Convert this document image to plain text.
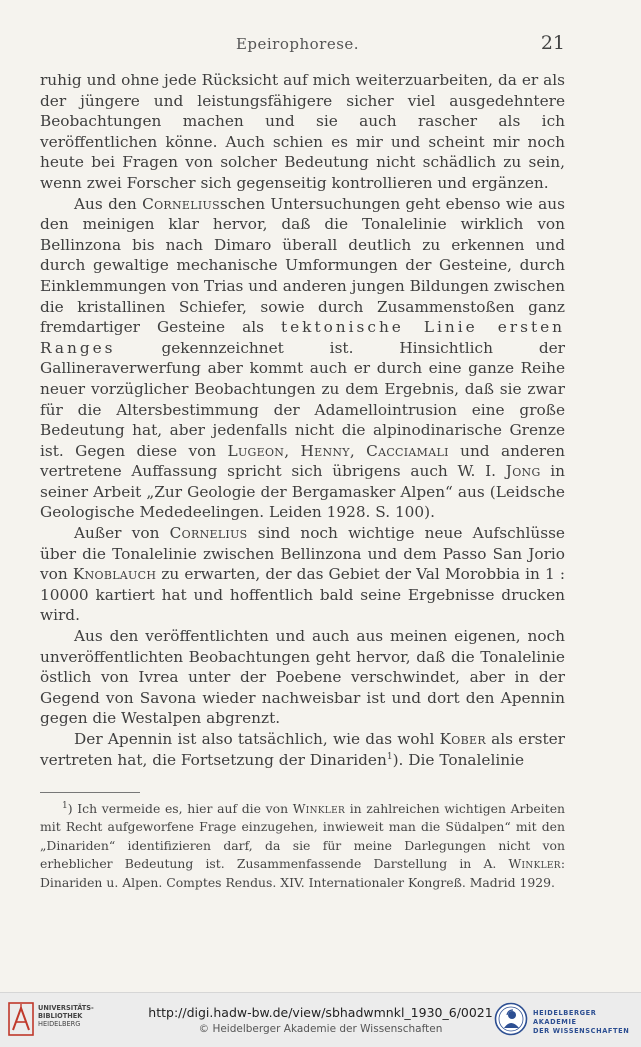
Epeirophorese.	21

ruhig und ohne jede Rücksicht auf mich weiterzuarbeiten, da er als der jüngere und leistungsfähigere sicher viel ausgedehntere Beobachtungen machen und sie auch rascher als ich veröffentlichen könne. Auch schien es mir und scheint mir noch heute bei Fragen von solcher Bedeutung nicht schädlich zu sein, wenn zwei Forscher sich gegenseitig kontrollieren und ergänzen.

Aus den Corneliusschen Untersuchungen geht ebenso wie aus den meinigen klar hervor, daß die Tonalelinie wirklich von Bellinzona bis nach Dimaro überall deutlich zu erkennen und durch gewaltige mechanische Umformungen der Gesteine, durch Einklemmungen von Trias und anderen jungen Bildungen zwischen die kristallinen Schiefer, sowie durch Zusammenstoßen ganz fremdartiger Gesteine als tektonische Linie ersten Ranges gekennzeichnet ist. Hinsichtlich der Gallineraverwerfung aber kommt auch er durch eine ganze Reihe neuer vorzüglicher Beobachtungen zu dem Ergebnis, daß sie zwar für die Altersbestimmung der Adamellointrusion eine große Bedeutung hat, aber jedenfalls nicht die alpinodinarische Grenze ist. Gegen diese von Lugeon, Henny, Cacciamali und anderen vertretene Auffassung spricht sich übrigens auch W. I. Jong in seiner Arbeit „Zur Geologie der Bergamasker Alpen“ aus (Leidsche Geologische Mededeelingen. Leiden 1928. S. 100).

Außer von Cornelius sind noch wichtige neue Aufschlüsse über die Tonalelinie zwischen Bellinzona und dem Passo San Jorio von Knoblauch zu erwarten, der das Gebiet der Val Morobbia in 1 : 10000 kartiert hat und hoffentlich bald seine Ergebnisse drucken wird.

Aus den veröffentlichten und auch aus meinen eigenen, noch unveröffentlichten Beobachtungen geht hervor, daß die Tonalelinie östlich von Ivrea unter der Poebene verschwindet, aber in der Gegend von Savona wieder nachweisbar ist und dort den Apennin gegen die Westalpen abgrenzt.

Der Apennin ist also tatsächlich, wie das wohl Kober als erster vertreten hat, die Fortsetzung der Dinariden$^1$). Die Tonalelinie

$^1$) Ich vermeide es, hier auf die von Winkler in zahlreichen wichtigen Arbeiten mit Recht aufgeworfene Frage einzugehen, inwieweit man die Südalpen“ mit den „Dinariden“ identifizieren darf, da sie für meine Darlegungen nicht von erheblicher Bedeutung ist. Zusammenfassende Darstellung in A. Winkler: Dinariden u. Alpen. Comptes Rendus. XIV. Internationaler Kongreß. Madrid 1929.

UNIVERSITÄTS-
BIBLIOTHEK
HEIDELBERG
http://digi.hadw-bw.de/view/sbhadwmnkl_1930_6/0021
© Heidelberger Akademie der Wissenschaften
HEIDELBERGER AKADEMIE
DER WISSENSCHAFTEN
